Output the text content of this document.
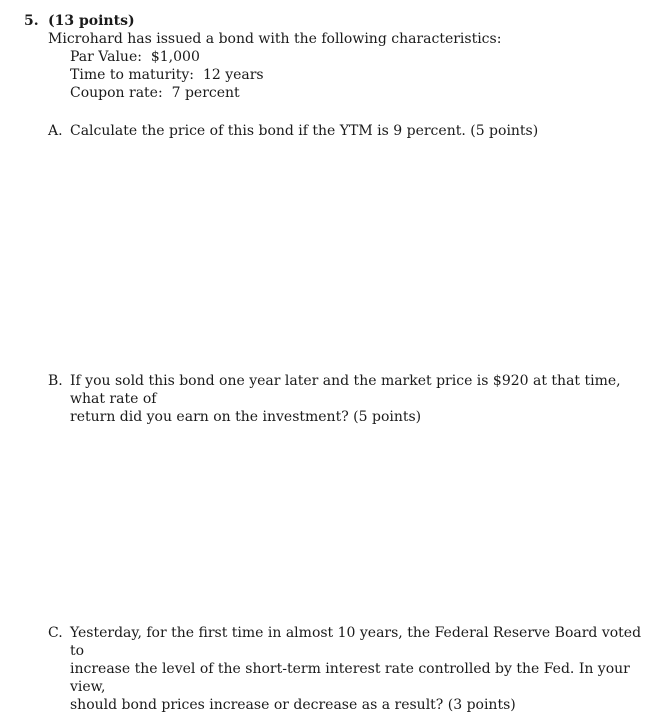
5. (13 points)
Microhard has issued a bond with the following characteristics:
Par Value: $1,000
Time to maturity: 12 years
Coupon rate: 7 percent
A. Calculate the price of this bond if the YTM is 9 percent. (5 points)
B. If you sold this bond one year later and the market price is $920 at that time, what rate of
return did you earn on the investment? (5 points)
C. Yesterday, for the first time in almost 10 years, the Federal Reserve Board voted to
increase the level of the short-term interest rate controlled by the Fed. In your view,
should bond prices increase or decrease as a result? (3 points)
